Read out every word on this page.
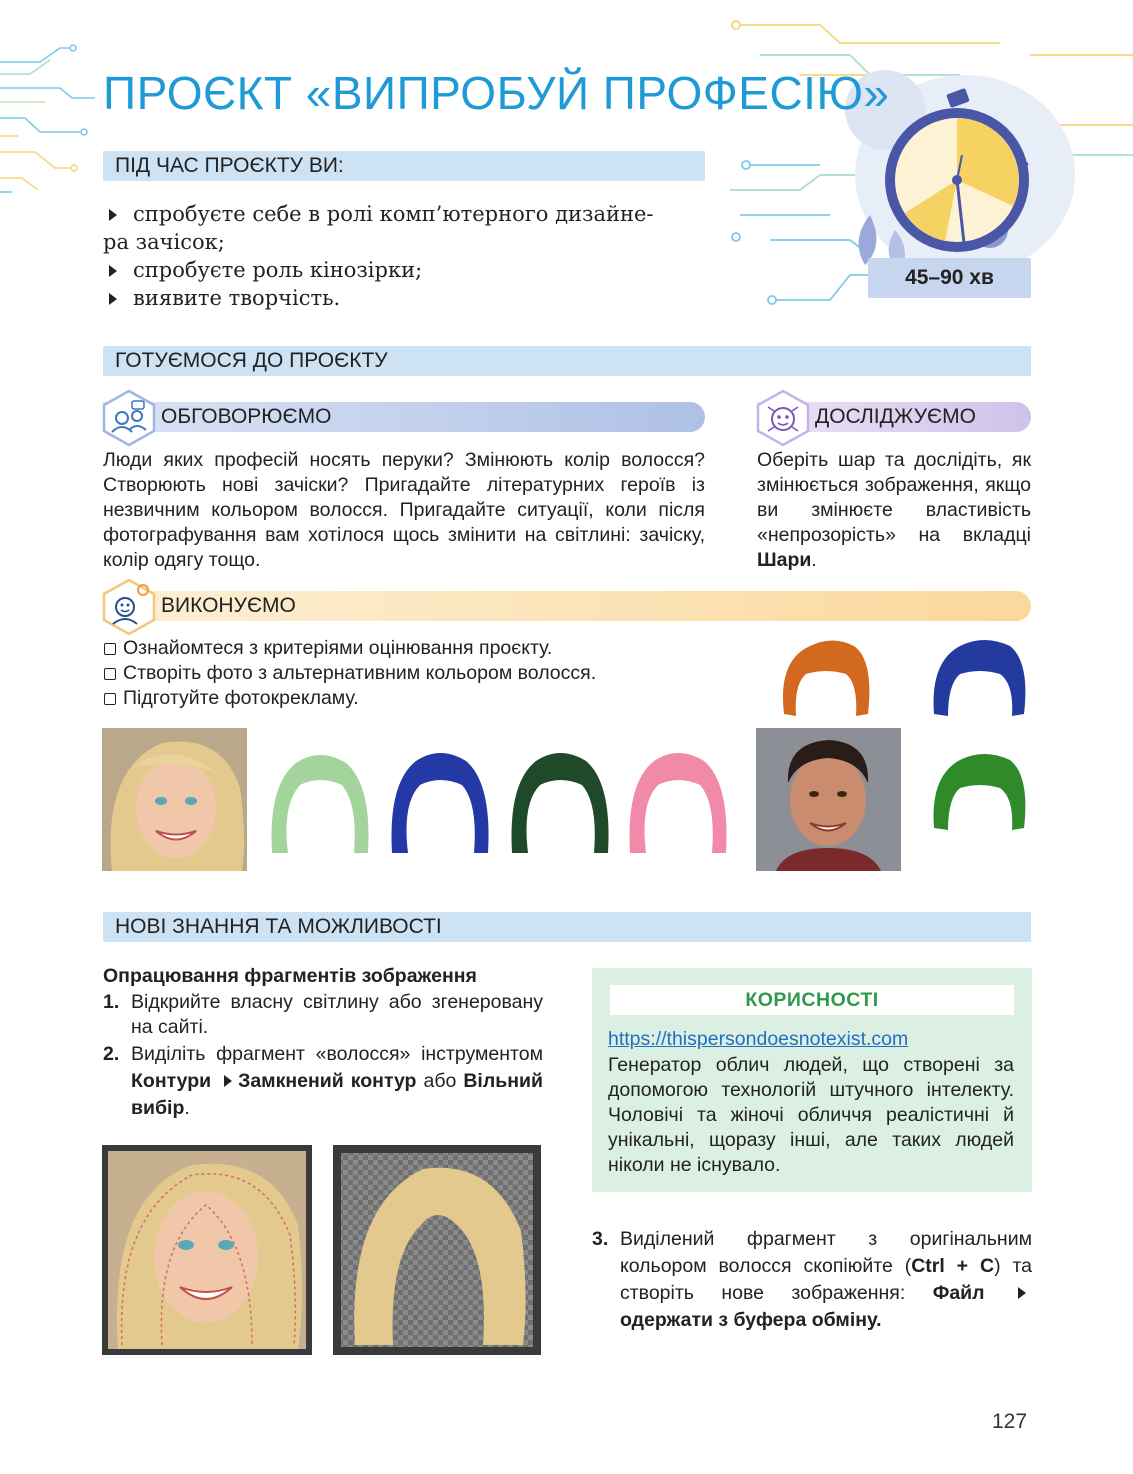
ПРОЄКТ «ВИПРОБУЙ ПРОФЕСІЮ»
ПІД ЧАС ПРОЄКТУ ВИ:
спробуєте себе в ролі комп’ютерного дизайне-
ра зачісок;
спробуєте роль кінозірки;
виявите творчість.
45–90 хв
ГОТУЄМОСЯ ДО ПРОЄКТУ
ОБГОВОРЮЄМО
Люди яких професій носять перуки? Змінюють колір волосся? Створюють нові зачіски? Пригадайте літературних героїв із незвичним кольором волосся. Пригадайте ситуації, коли після фотографування вам хотілося щось змінити на світлині: зачіску, колір одягу тощо.
ДОСЛІДЖУЄМО
Оберіть шар та дослідіть, як змінюється зображення, якщо ви змінюєте властивість «непрозорість» на вкладці Шари.
ВИКОНУЄМО
Ознайомтеся з критеріями оцінювання проєкту.
Створіть фото з альтернативним кольором волосся.
Підготуйте фотокрекламу.
НОВІ ЗНАННЯ ТА МОЖЛИВОСТІ
Опрацювання фрагментів зображення
1. Відкрийте власну світлину або згенеровану на сайті.
2. Виділіть фрагмент «волосся» інструментом Контури Замкнений контур або Вільний вибір.
КОРИСНОСТІ
https://thispersondoesnotexist.com
Генератор облич людей, що створені за допомогою технологій штучного інтелекту. Чоловічі та жіночі обличчя реалістичні й унікальні, щоразу інші, але таких людей ніколи не існувало.
3. Виділений фрагмент з оригінальним кольором волосся скопіюйте (Ctrl + C) та створіть нове зображення: Файл  одержати з буфера обміну.
127
